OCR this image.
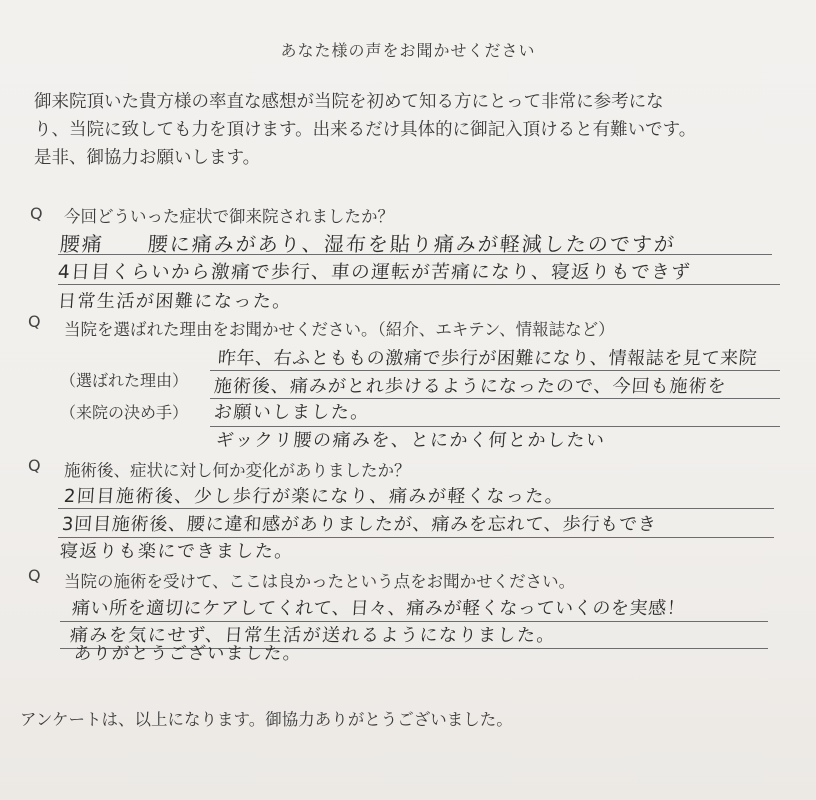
あなた様の声をお聞かせください
御来院頂いた貴方様の率直な感想が当院を初めて知る方にとって非常に参考にな
り、当院に致しても力を頂けます。出来るだけ具体的に御記入頂けると有難いです。
是非、御協力お願いします。
Q 今回どういった症状で御来院されましたか？
腰痛　　腰に痛みがあり、湿布を貼り痛みが軽減したのですが
4日目くらいから激痛で歩行、車の運転が苦痛になり、寝返りもできず
日常生活が困難になった。
Q 当院を選ばれた理由をお聞かせください。（紹介、エキテン、情報誌など）
昨年、右ふとももの激痛で歩行が困難になり、情報誌を見て来院
（選ばれた理由） 施術後、痛みがとれ歩けるようになったので、今回も施術を
（来院の決め手） お願いしました。
ギックリ腰の痛みを、とにかく何とかしたい
Q 施術後、症状に対し何か変化がありましたか？
2回目施術後、少し歩行が楽になり、痛みが軽くなった。
3回目施術後、腰に違和感がありましたが、痛みを忘れて、歩行もでき
寝返りも楽にできました。
Q 当院の施術を受けて、ここは良かったという点をお聞かせください。
痛い所を適切にケアしてくれて、日々、痛みが軽くなっていくのを実感！
痛みを気にせず、日常生活が送れるようになりました。
ありがとうございました。
アンケートは、以上になります。御協力ありがとうございました。
